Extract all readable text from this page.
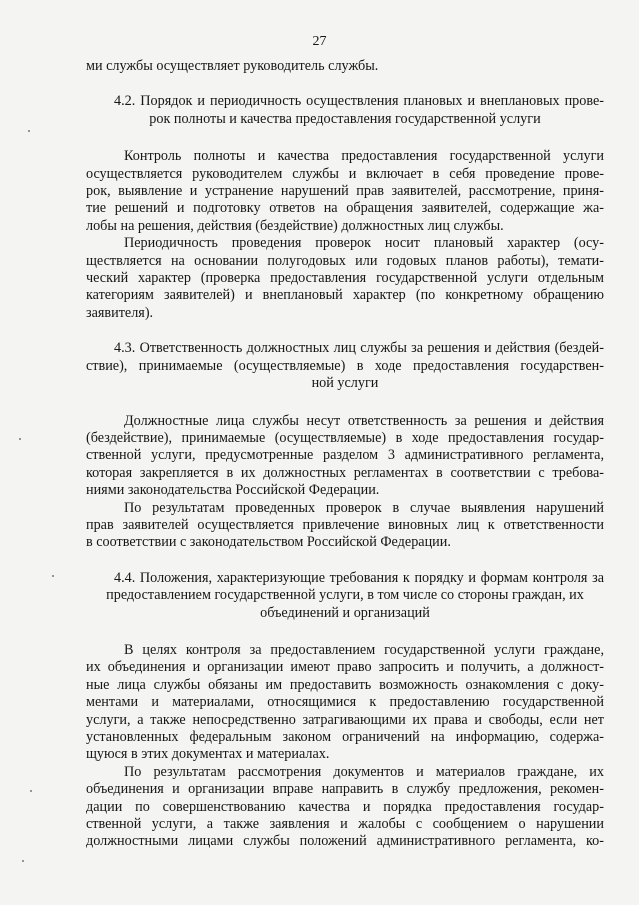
27

ми службы осуществляет руководитель службы.
4.2. Порядок и периодичность осуществления плановых и внеплановых прове-
рок полноты и качества предоставления государственной услуги
Контроль полноты и качества предоставления государственной услуги
осуществляется руководителем службы и включает в себя проведение прове-
рок, выявление и устранение нарушений прав заявителей, рассмотрение, приня-
тие решений и подготовку ответов на обращения заявителей, содержащие жа-
лобы на решения, действия (бездействие) должностных лиц службы.
Периодичность проведения проверок носит плановый характер (осу-
ществляется на основании полугодовых или годовых планов работы), темати-
ческий характер (проверка предоставления государственной услуги отдельным
категориям заявителей) и внеплановый характер (по конкретному обращению
заявителя).
4.3. Ответственность должностных лиц службы за решения и действия (бездей-
ствие), принимаемые (осуществляемые) в ходе предоставления государствен-
ной услуги
Должностные лица службы несут ответственность за решения и действия
(бездействие), принимаемые (осуществляемые) в ходе предоставления государ-
ственной услуги, предусмотренные разделом 3 административного регламента,
которая закрепляется в их должностных регламентах в соответствии с требова-
ниями законодательства Российской Федерации.
По результатам проведенных проверок в случае выявления нарушений
прав заявителей осуществляется привлечение виновных лиц к ответственности
в соответствии с законодательством Российской Федерации.
4.4. Положения, характеризующие требования к порядку и формам контроля за
предоставлением государственной услуги, в том числе со стороны граждан, их
объединений и организаций
В целях контроля за предоставлением государственной услуги граждане,
их объединения и организации имеют право запросить и получить, а должност-
ные лица службы обязаны им предоставить возможность ознакомления с доку-
ментами и материалами, относящимися к предоставлению государственной
услуги, а также непосредственно затрагивающими их права и свободы, если нет
установленных федеральным законом ограничений на информацию, содержа-
щуюся в этих документах и материалах.
По результатам рассмотрения документов и материалов граждане, их
объединения и организации вправе направить в службу предложения, рекомен-
дации по совершенствованию качества и порядка предоставления государ-
ственной услуги, а также заявления и жалобы с сообщением о нарушении
должностными лицами службы положений административного регламента, ко-
